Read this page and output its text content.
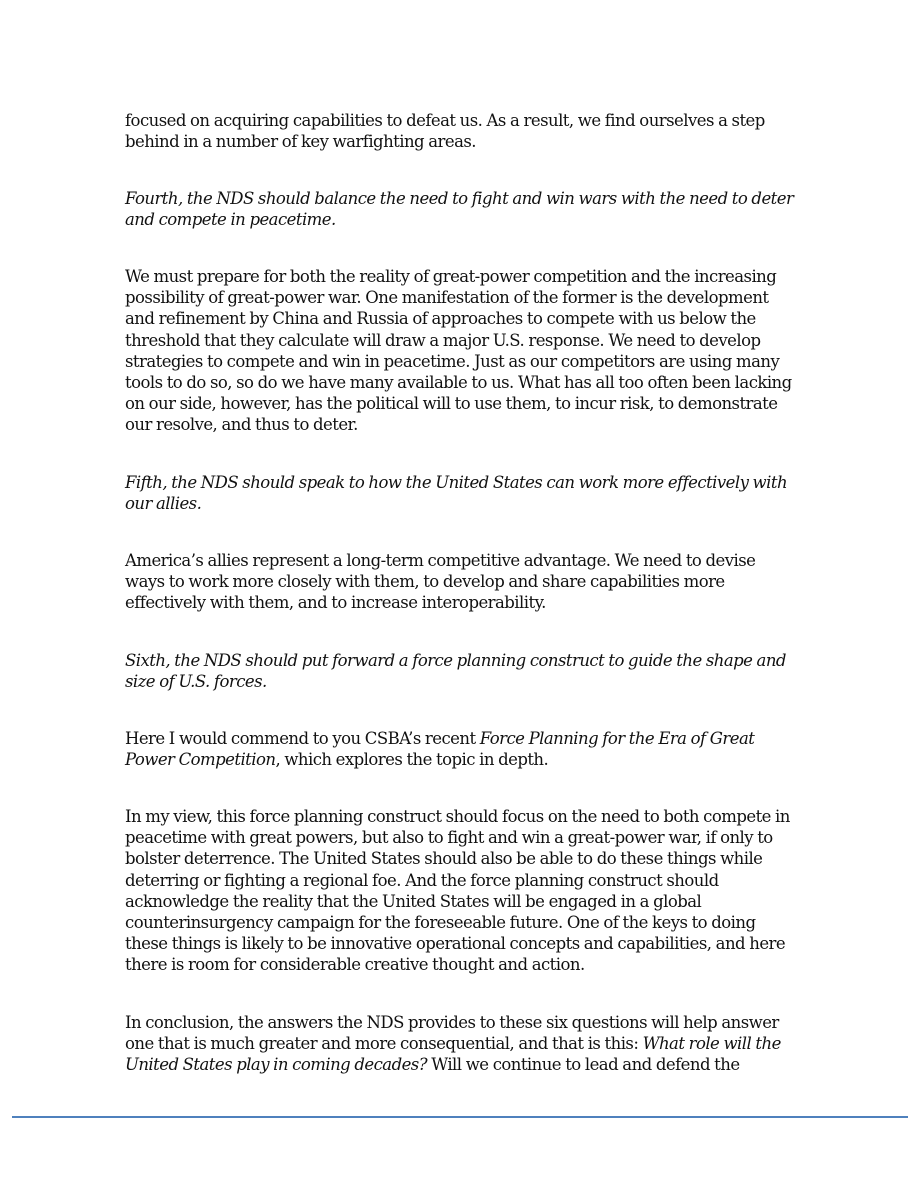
focused on acquiring capabilities to defeat us. As a result, we find ourselves a step behind in a number of key warfighting areas.

Fourth, the NDS should balance the need to fight and win wars with the need to deter and compete in peacetime.

We must prepare for both the reality of great-power competition and the increasing possibility of great-power war. One manifestation of the former is the development and refinement by China and Russia of approaches to compete with us below the threshold that they calculate will draw a major U.S. response. We need to develop strategies to compete and win in peacetime. Just as our competitors are using many tools to do so, so do we have many available to us. What has all too often been lacking on our side, however, has the political will to use them, to incur risk, to demonstrate our resolve, and thus to deter.

Fifth, the NDS should speak to how the United States can work more effectively with our allies.

America’s allies represent a long-term competitive advantage. We need to devise ways to work more closely with them, to develop and share capabilities more effectively with them, and to increase interoperability.

Sixth, the NDS should put forward a force planning construct to guide the shape and size of U.S. forces.

Here I would commend to you CSBA’s recent Force Planning for the Era of Great Power Competition, which explores the topic in depth.

In my view, this force planning construct should focus on the need to both compete in peacetime with great powers, but also to fight and win a great-power war, if only to bolster deterrence. The United States should also be able to do these things while deterring or fighting a regional foe. And the force planning construct should acknowledge the reality that the United States will be engaged in a global counterinsurgency campaign for the foreseeable future. One of the keys to doing these things is likely to be innovative operational concepts and capabilities, and here there is room for considerable creative thought and action.

In conclusion, the answers the NDS provides to these six questions will help answer one that is much greater and more consequential, and that is this: What role will the United States play in coming decades? Will we continue to lead and defend the
